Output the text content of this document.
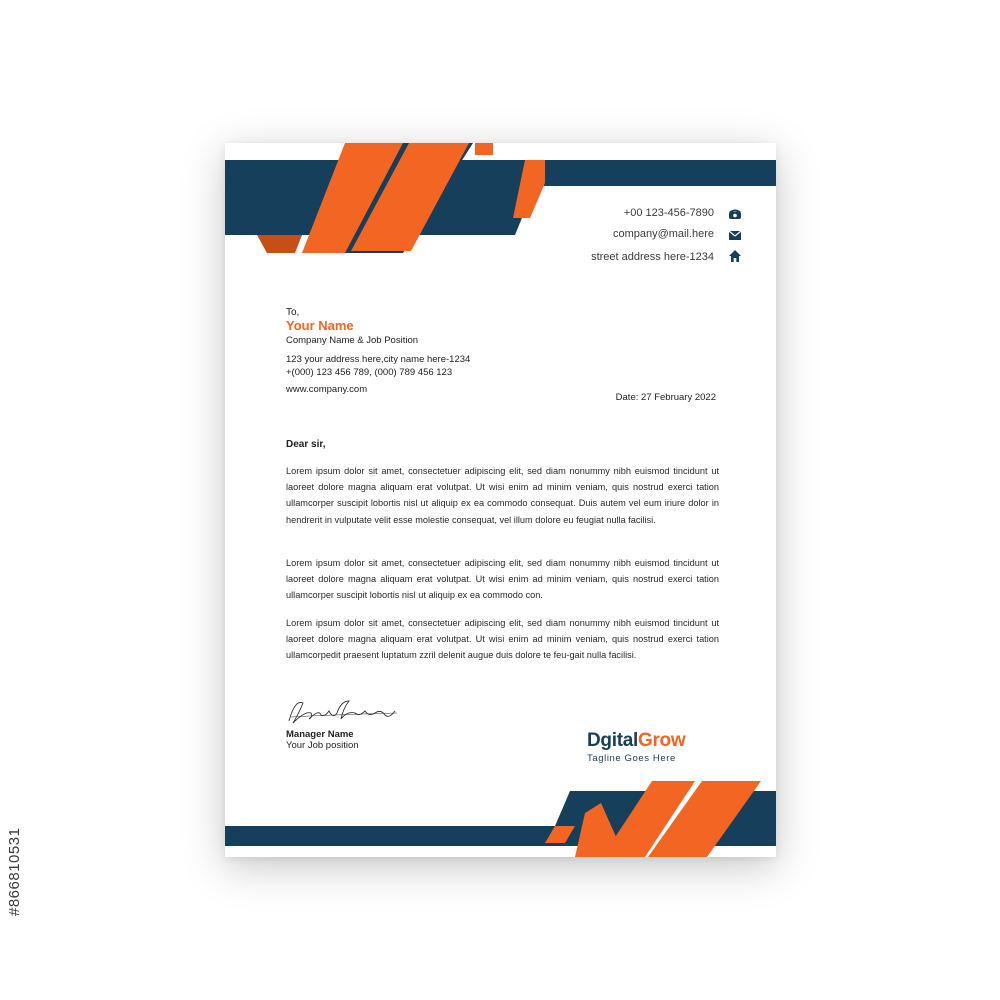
+00 123-456-7890
company@mail.here
street address here-1234
To,
Your Name
Company Name & Job Position
123 your address here,city name here-1234
+(000) 123 456 789, (000) 789 456 123
www.company.com
Date: 27 February 2022
Dear sir,
Lorem ipsum dolor sit amet, consectetuer adipiscing elit, sed diam nonummy nibh euismod tincidunt ut laoreet dolore magna aliquam erat volutpat. Ut wisi enim ad minim veniam, quis nostrud exerci tation ullamcorper suscipit lobortis nisl ut aliquip ex ea commodo consequat. Duis autem vel eum iriure dolor in hendrerit in vulputate velit esse molestie consequat, vel illum dolore eu feugiat nulla facilisi.
Lorem ipsum dolor sit amet, consectetuer adipiscing elit, sed diam nonummy nibh euismod tincidunt ut laoreet dolore magna aliquam erat volutpat. Ut wisi enim ad minim veniam, quis nostrud exerci tation ullamcorper suscipit lobortis nisl ut aliquip ex ea commodo con.
Lorem ipsum dolor sit amet, consectetuer adipiscing elit, sed diam nonummy nibh euismod tincidunt ut laoreet dolore magna aliquam erat volutpat. Ut wisi enim ad minim veniam, quis nostrud exerci tation ullamcorpedit praesent luptatum zzril delenit augue duis dolore te feu-gait nulla facilisi.
Manager Name
Your Job position	DgitalGrow
Tagline Goes Here
#866810531
